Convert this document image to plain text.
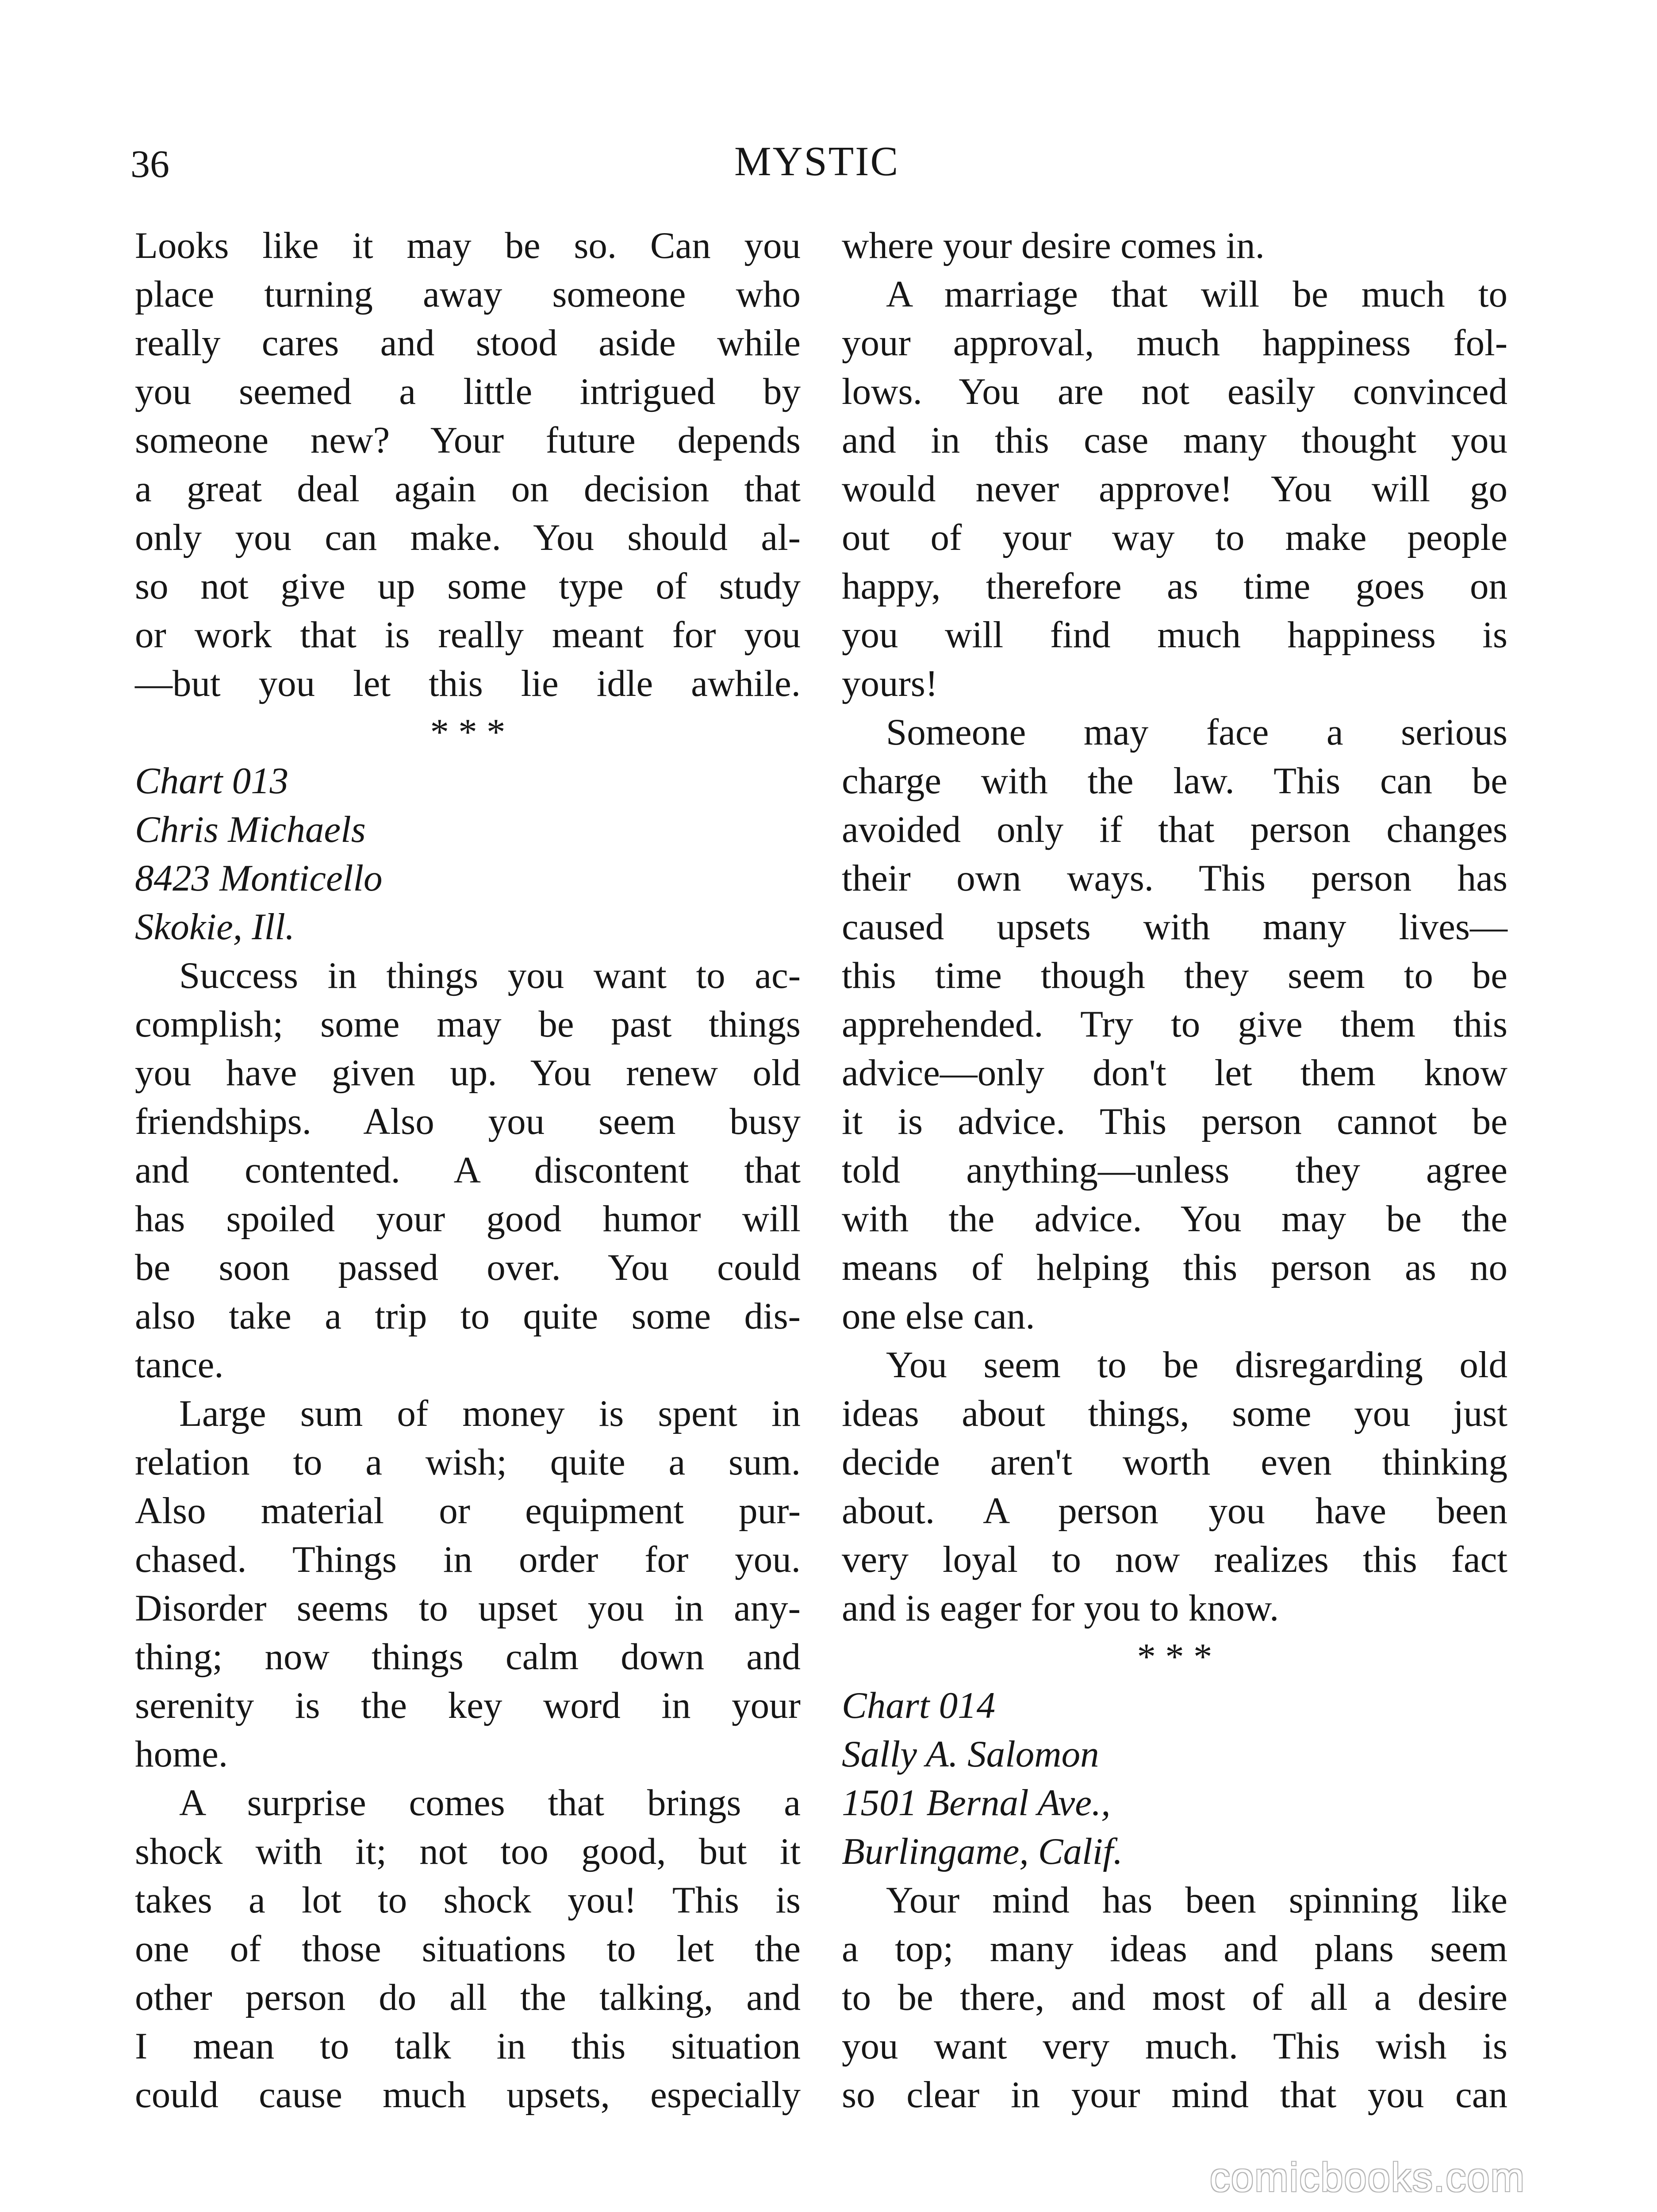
36	MYSTIC
Looks like it may be so. Can you
place turning away someone who
really cares and stood aside while
you seemed a little intrigued by
someone new? Your future depends
a great deal again on decision that
only you can make. You should al-
so not give up some type of study
or work that is really meant for you
—but you let this lie idle awhile.
* * *
Chart 013
Chris Michaels
8423 Monticello
Skokie, Ill.
Success in things you want to ac-
complish; some may be past things
you have given up. You renew old
friendships. Also you seem busy
and contented. A discontent that
has spoiled your good humor will
be soon passed over. You could
also take a trip to quite some dis-
tance.
Large sum of money is spent in
relation to a wish; quite a sum.
Also material or equipment pur-
chased. Things in order for you.
Disorder seems to upset you in any-
thing; now things calm down and
serenity is the key word in your
home.
A surprise comes that brings a
shock with it; not too good, but it
takes a lot to shock you! This is
one of those situations to let the
other person do all the talking, and
I mean to talk in this situation
could cause much upsets, especially
where your desire comes in.
A marriage that will be much to
your approval, much happiness fol-
lows. You are not easily convinced
and in this case many thought you
would never approve! You will go
out of your way to make people
happy, therefore as time goes on
you will find much happiness is
yours!
Someone may face a serious
charge with the law. This can be
avoided only if that person changes
their own ways. This person has
caused upsets with many lives—
this time though they seem to be
apprehended. Try to give them this
advice—only don't let them know
it is advice. This person cannot be
told anything—unless they agree
with the advice. You may be the
means of helping this person as no
one else can.
You seem to be disregarding old
ideas about things, some you just
decide aren't worth even thinking
about. A person you have been
very loyal to now realizes this fact
and is eager for you to know.
* * *
Chart 014
Sally A. Salomon
1501 Bernal Ave.,
Burlingame, Calif.
Your mind has been spinning like
a top; many ideas and plans seem
to be there, and most of all a desire
you want very much. This wish is
so clear in your mind that you can
comicbooks.com
